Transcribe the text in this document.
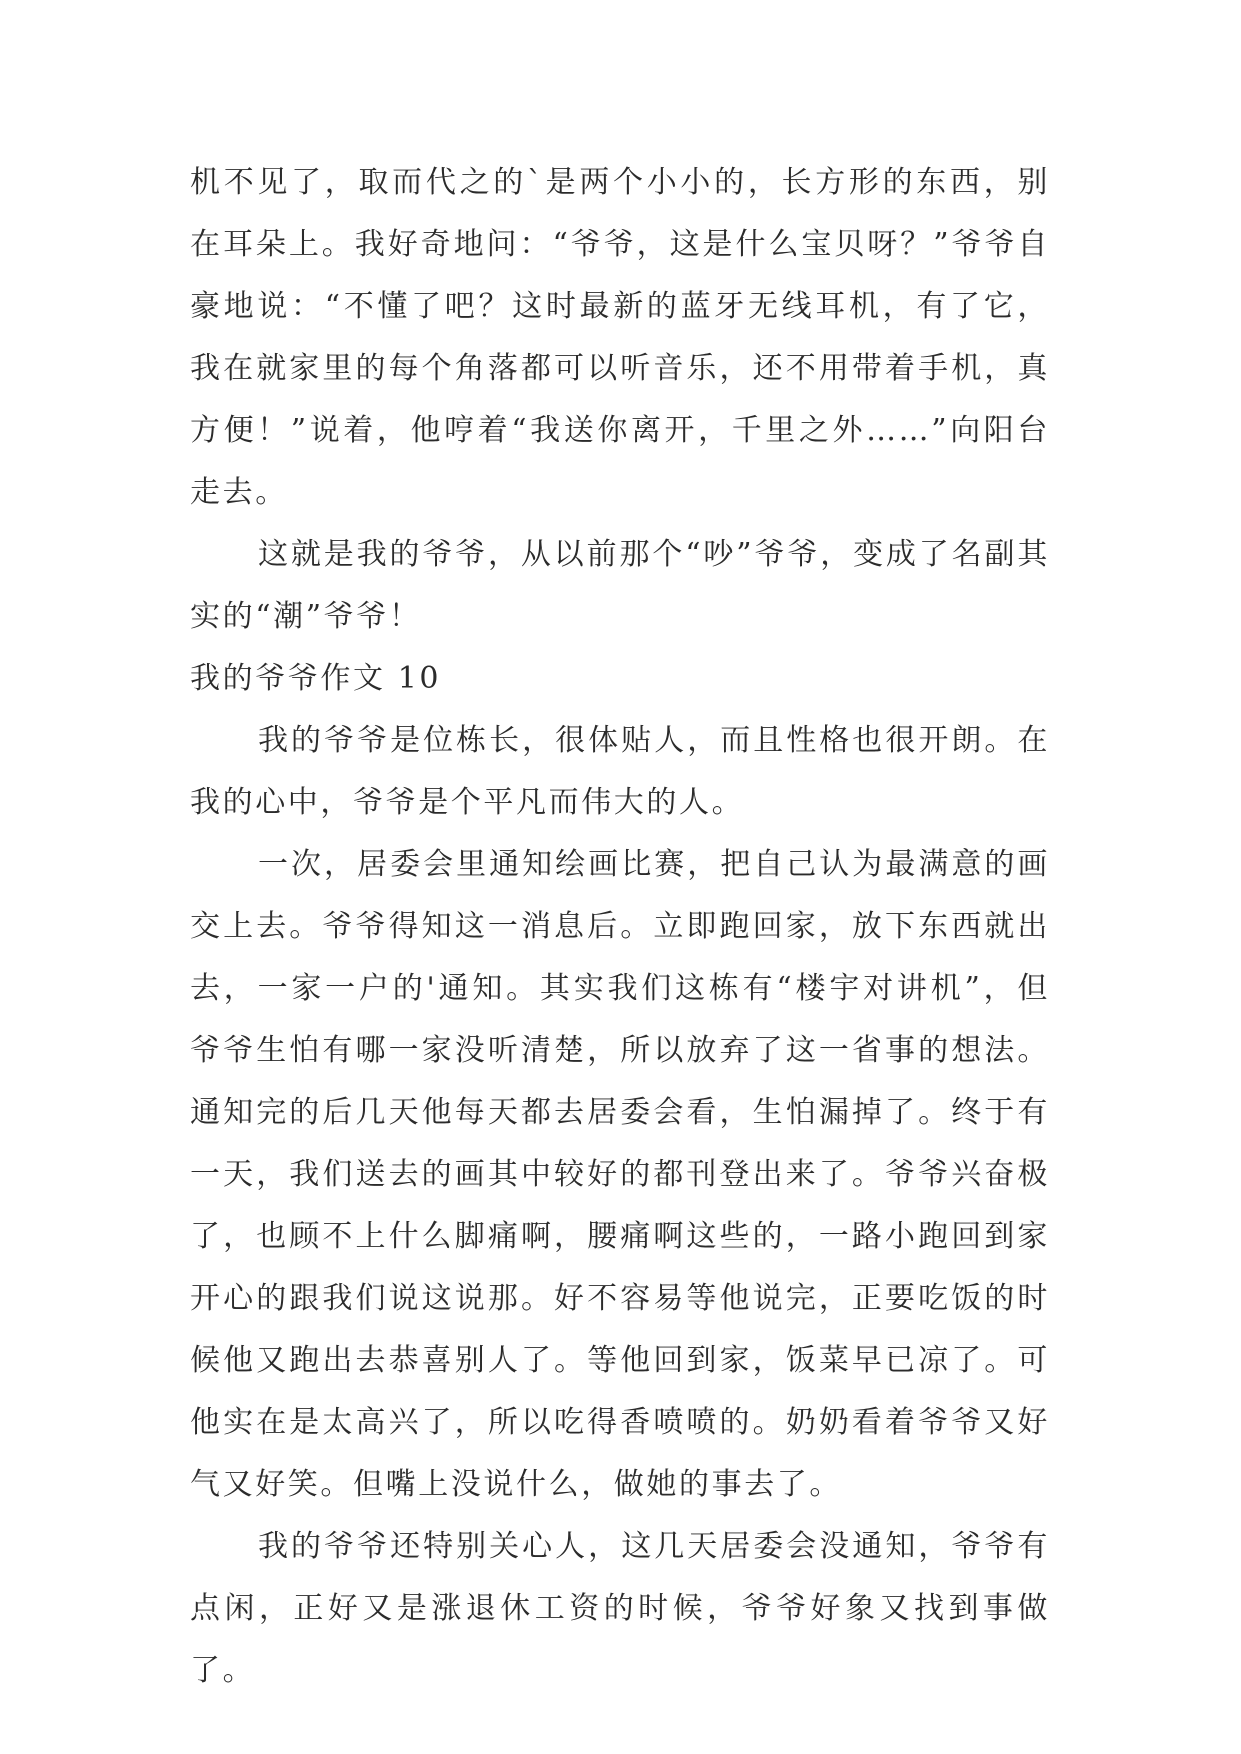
机不见了，取而代之的`是两个小小的，长方形的东西，别在耳朵上。我好奇地问：“爷爷，这是什么宝贝呀？”爷爷自豪地说：“不懂了吧？这时最新的蓝牙无线耳机，有了它，我在就家里的每个角落都可以听音乐，还不用带着手机，真方便！”说着，他哼着“我送你离开，千里之外……”向阳台走去。

这就是我的爷爷，从以前那个“吵”爷爷，变成了名副其实的“潮”爷爷！

我的爷爷作文 10

我的爷爷是位栋长，很体贴人，而且性格也很开朗。在我的心中，爷爷是个平凡而伟大的人。

一次，居委会里通知绘画比赛，把自己认为最满意的画交上去。爷爷得知这一消息后。立即跑回家，放下东西就出去，一家一户的'通知。其实我们这栋有“楼宇对讲机”，但爷爷生怕有哪一家没听清楚，所以放弃了这一省事的想法。通知完的后几天他每天都去居委会看，生怕漏掉了。终于有一天，我们送去的画其中较好的都刊登出来了。爷爷兴奋极了，也顾不上什么脚痛啊，腰痛啊这些的，一路小跑回到家开心的跟我们说这说那。好不容易等他说完，正要吃饭的时候他又跑出去恭喜别人了。等他回到家，饭菜早已凉了。可他实在是太高兴了，所以吃得香喷喷的。奶奶看着爷爷又好气又好笑。但嘴上没说什么，做她的事去了。

我的爷爷还特别关心人，这几天居委会没通知，爷爷有点闲，正好又是涨退休工资的时候，爷爷好象又找到事做了。
